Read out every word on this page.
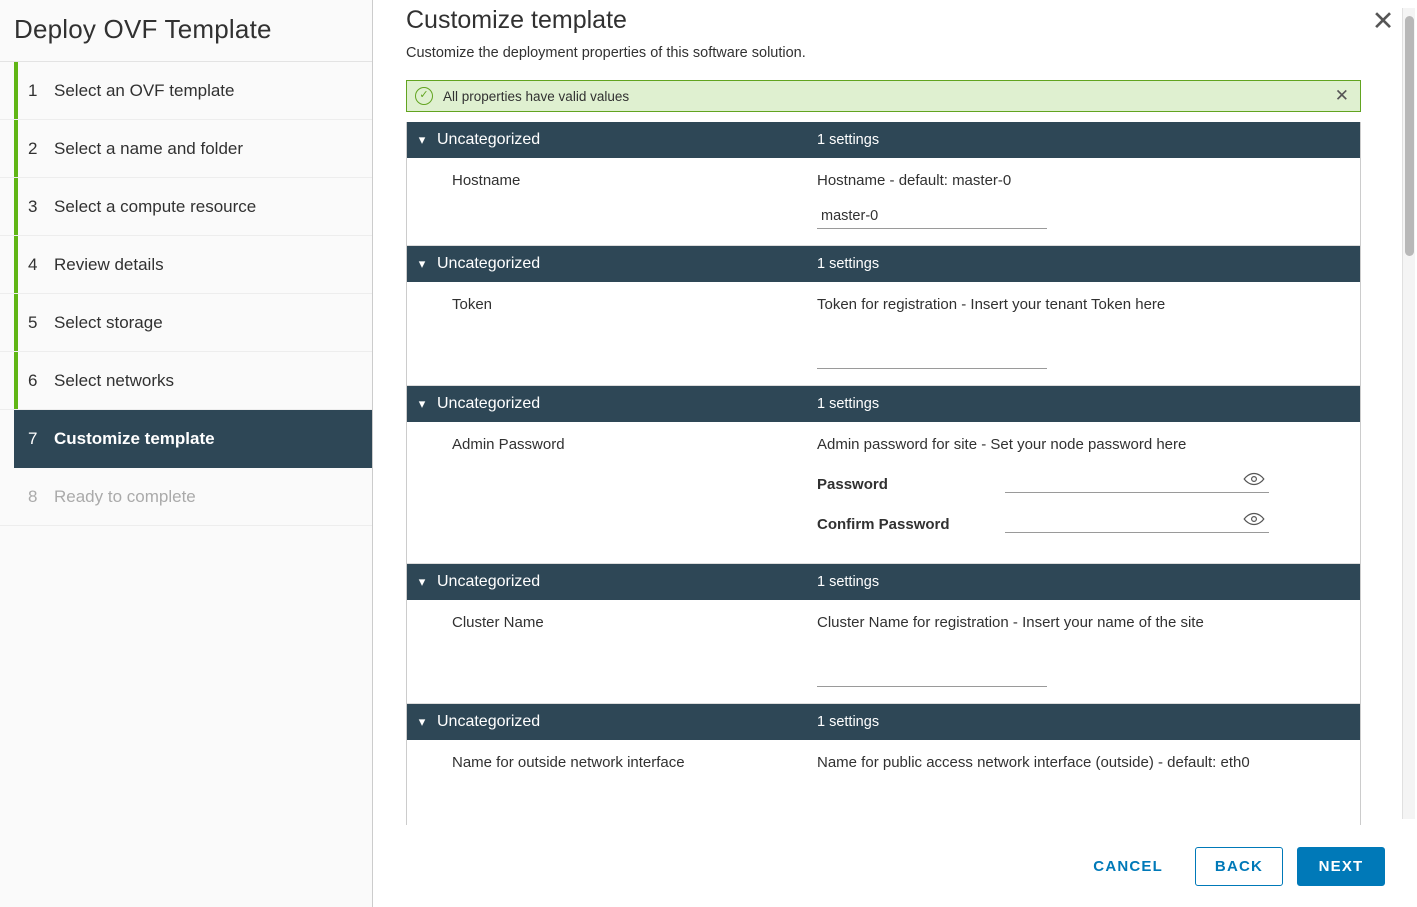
Deploy OVF Template
1 Select an OVF template
2 Select a name and folder
3 Select a compute resource
4 Review details
5 Select storage
6 Select networks
7 Customize template
8 Ready to complete
✕
Customize template
Customize the deployment properties of this software solution.
✓	All properties have valid values	✕
▾ Uncategorized	1 settings
Hostname	Hostname - default: master-0
master-0
▾ Uncategorized	1 settings
Token	Token for registration - Insert your tenant Token here
▾ Uncategorized	1 settings
Admin Password	Admin password for site - Set your node password here
Password
Confirm Password
▾ Uncategorized	1 settings
Cluster Name	Cluster Name for registration - Insert your name of the site
▾ Uncategorized	1 settings
Name for outside network interface	Name for public access network interface (outside) - default: eth0
CANCEL	BACK	NEXT
